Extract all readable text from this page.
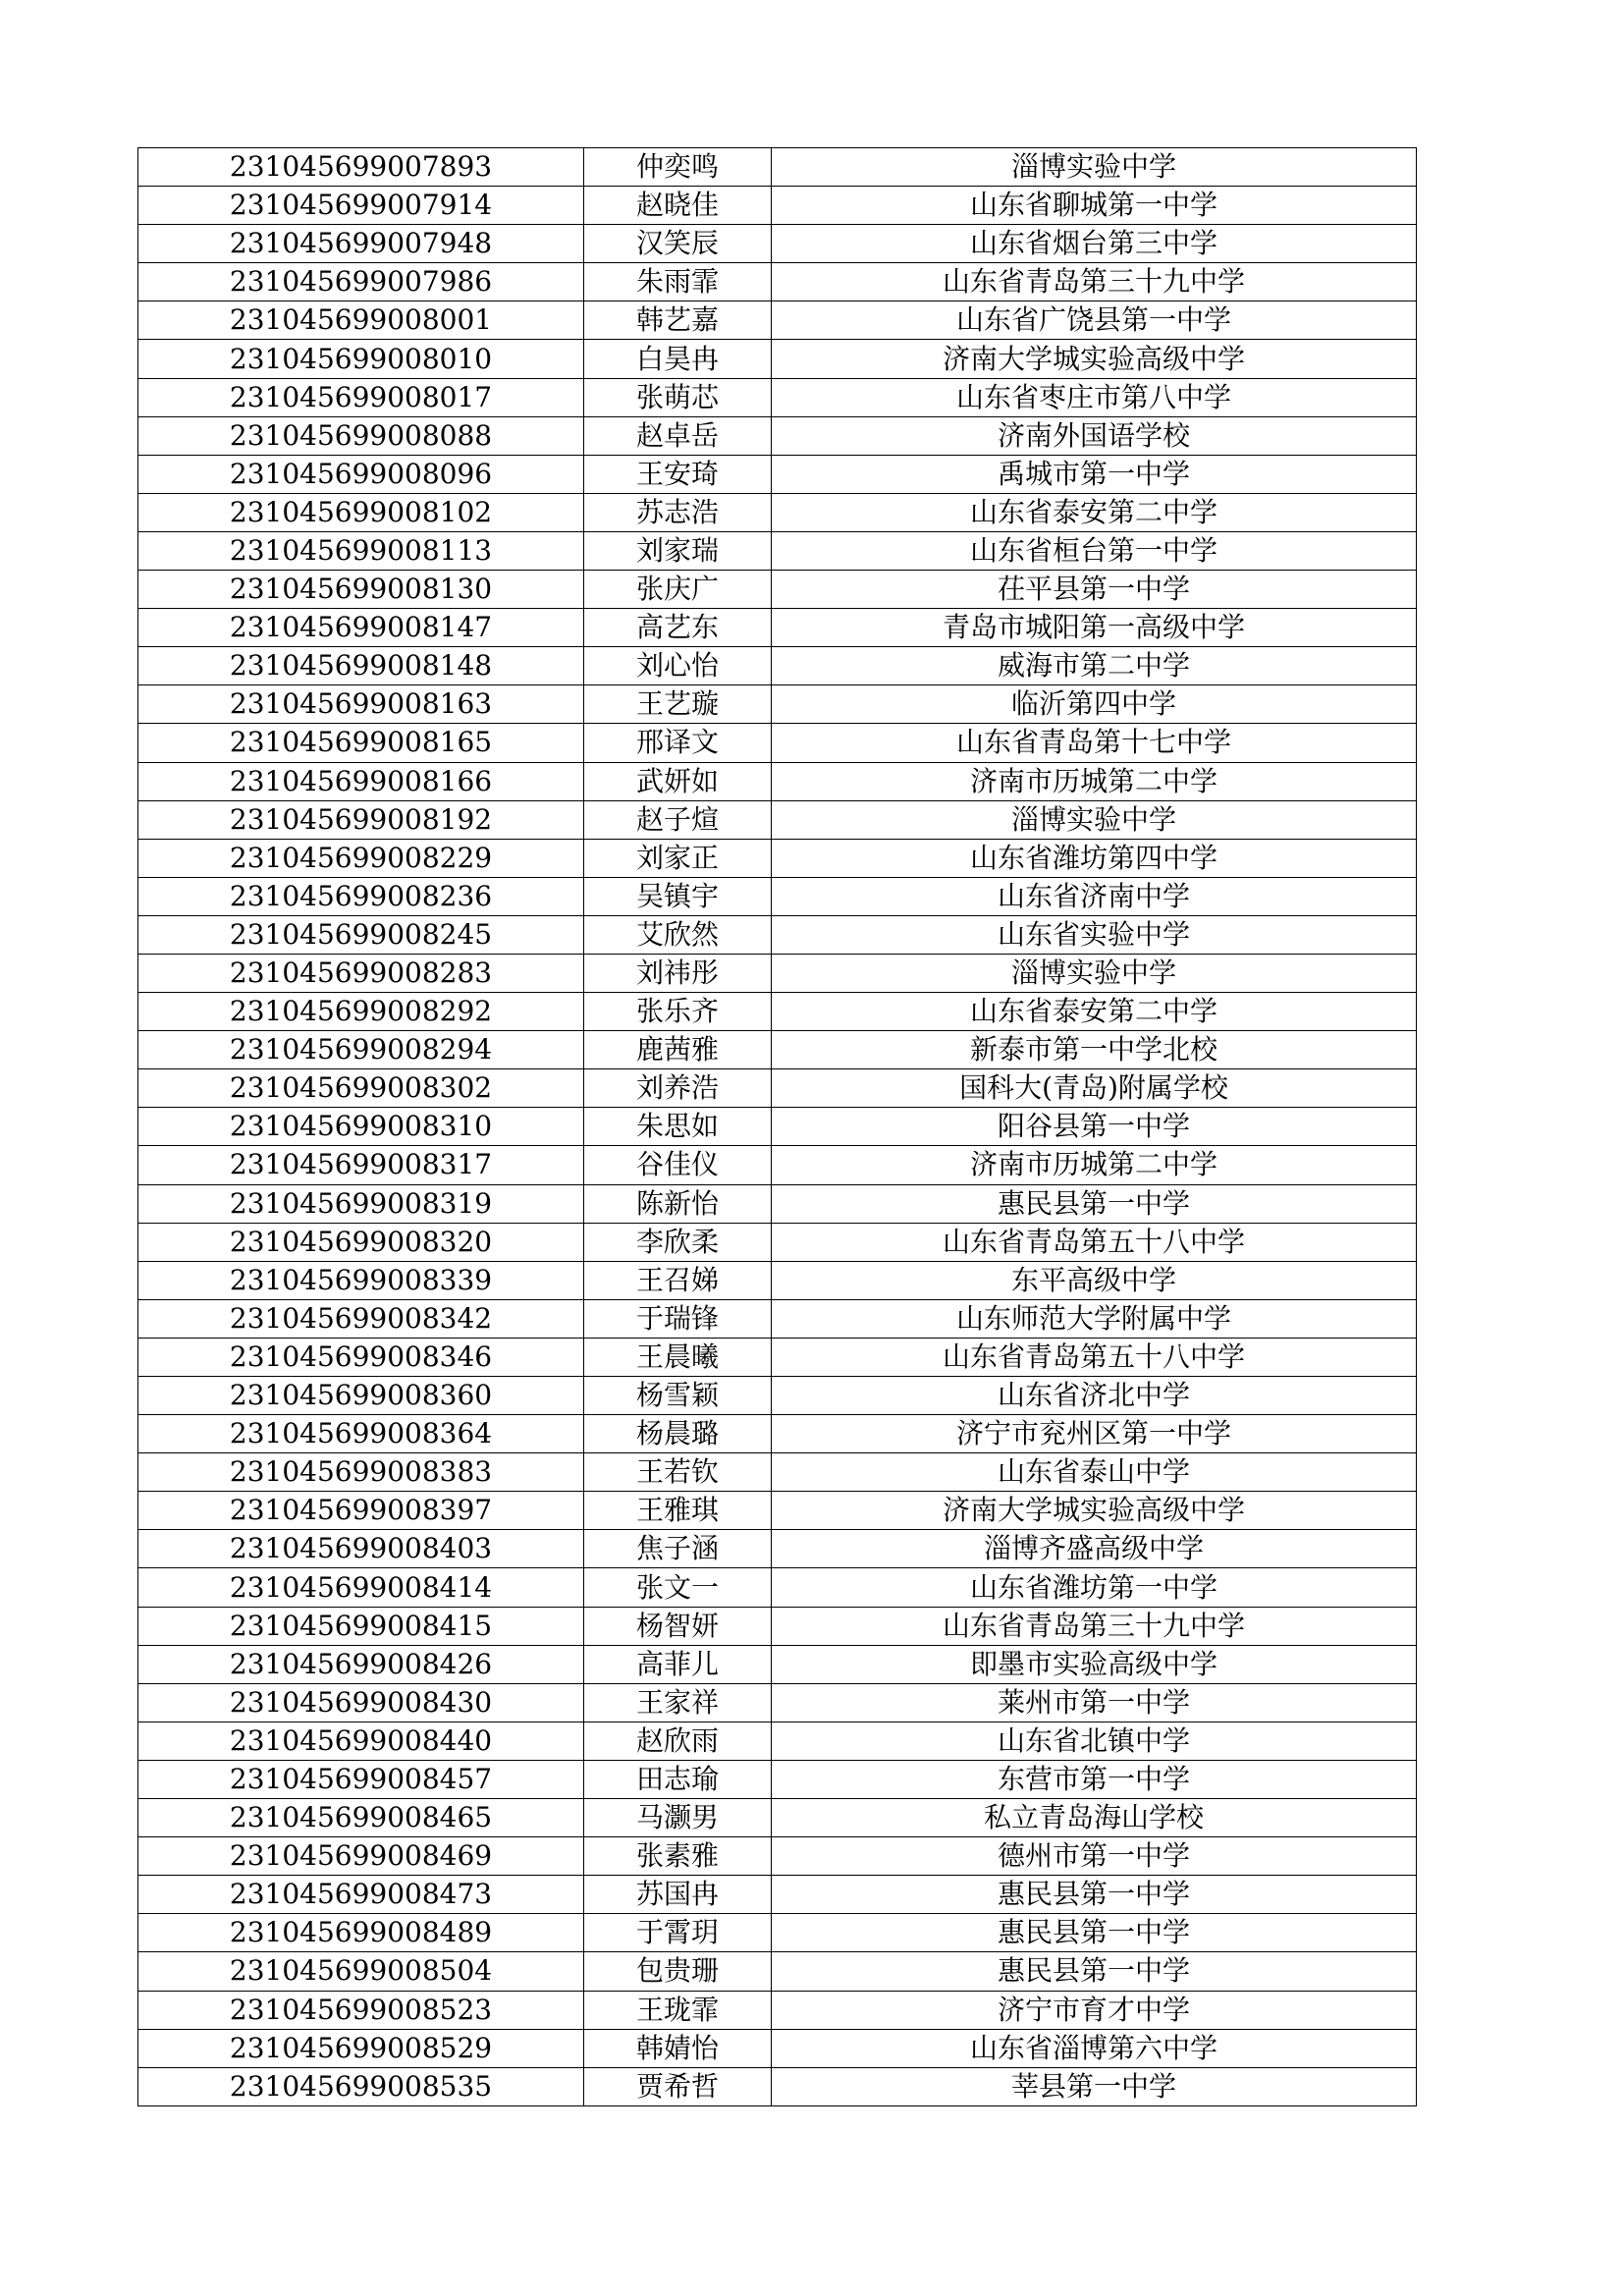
231045699007893	仲奕鸣	淄博实验中学
231045699007914	赵晓佳	山东省聊城第一中学
231045699007948	汉笑辰	山东省烟台第三中学
231045699007986	朱雨霏	山东省青岛第三十九中学
231045699008001	韩艺嘉	山东省广饶县第一中学
231045699008010	白昊冉	济南大学城实验高级中学
231045699008017	张萌芯	山东省枣庄市第八中学
231045699008088	赵卓岳	济南外国语学校
231045699008096	王安琦	禹城市第一中学
231045699008102	苏志浩	山东省泰安第二中学
231045699008113	刘家瑞	山东省桓台第一中学
231045699008130	张庆广	茌平县第一中学
231045699008147	高艺东	青岛市城阳第一高级中学
231045699008148	刘心怡	威海市第二中学
231045699008163	王艺璇	临沂第四中学
231045699008165	邢译文	山东省青岛第十七中学
231045699008166	武妍如	济南市历城第二中学
231045699008192	赵子煊	淄博实验中学
231045699008229	刘家正	山东省潍坊第四中学
231045699008236	吴镇宇	山东省济南中学
231045699008245	艾欣然	山东省实验中学
231045699008283	刘祎彤	淄博实验中学
231045699008292	张乐齐	山东省泰安第二中学
231045699008294	鹿茜雅	新泰市第一中学北校
231045699008302	刘养浩	国科大(青岛)附属学校
231045699008310	朱思如	阳谷县第一中学
231045699008317	谷佳仪	济南市历城第二中学
231045699008319	陈新怡	惠民县第一中学
231045699008320	李欣柔	山东省青岛第五十八中学
231045699008339	王召娣	东平高级中学
231045699008342	于瑞锋	山东师范大学附属中学
231045699008346	王晨曦	山东省青岛第五十八中学
231045699008360	杨雪颖	山东省济北中学
231045699008364	杨晨璐	济宁市兖州区第一中学
231045699008383	王若钦	山东省泰山中学
231045699008397	王雅琪	济南大学城实验高级中学
231045699008403	焦子涵	淄博齐盛高级中学
231045699008414	张文一	山东省潍坊第一中学
231045699008415	杨智妍	山东省青岛第三十九中学
231045699008426	高菲儿	即墨市实验高级中学
231045699008430	王家祥	莱州市第一中学
231045699008440	赵欣雨	山东省北镇中学
231045699008457	田志瑜	东营市第一中学
231045699008465	马灏男	私立青岛海山学校
231045699008469	张素雅	德州市第一中学
231045699008473	苏国冉	惠民县第一中学
231045699008489	于霄玥	惠民县第一中学
231045699008504	包贵珊	惠民县第一中学
231045699008523	王珑霏	济宁市育才中学
231045699008529	韩婧怡	山东省淄博第六中学
231045699008535	贾希哲	莘县第一中学
